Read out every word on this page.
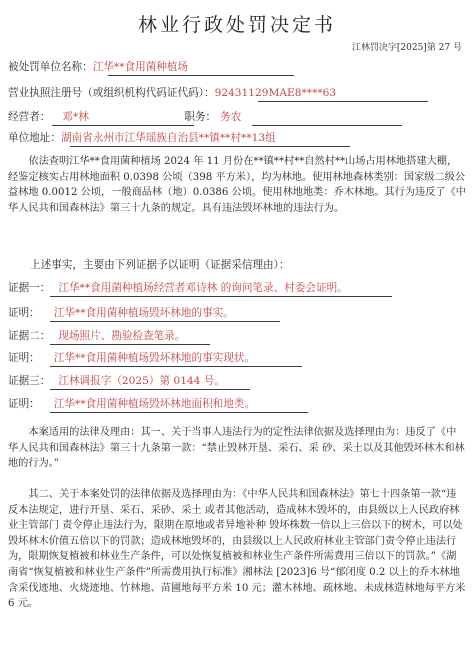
林业行政处罚决定书
江林罚决字[2025]第 27 号
被处罚单位名称：江华**食用菌种植场
营业执照注册号（或组织机构代码证代码）：92431129MAE8****63
经营者： 邓*林	职务： 务农
单位地址：湖南省永州市江华瑶族自治县**镇**村**13组
依法查明江华**食用菌种植场 2024 年 11 月份在**镇**村**自然村**山场占用林地搭建大棚，经鉴定核实占用林地面积 0.0398 公顷（398 平方米），均为林地。使用林地森林类别：国家级二级公益林地 0.0012 公顷，一般商品林（地）0.0386 公顷。使用林地地类：乔木林地。其行为违反了《中华人民共和国森林法》第三十九条的规定。具有违法毁坏林地的违法行为。
上述事实，主要由下列证据予以证明（证据采信理由）：
证据一： 江华**食用菌种植场经营者邓诗林 的询问笔录、村委会证明。
证明： 江华**食用菌种植场毁坏林地的事实。
证据二： 现场照片、勘验检查笔录。
证明： 江华**食用菌种植场毁坏林地的事实现状。
证据三： 江林调报字（2025）第 0144 号。
证明： 江华**食用菌种植场毁坏林地面积和地类。
本案适用的法律及理由：其一、关于当事人违法行为的定性法律依据及选择理由为：违反了《中华人民共和国森林法》第三十九条第一款：“禁止毁林开垦、采石、采 砂、采土以及其他毁坏林木和林地的行为。”
其二、关于本案处罚的法律依据及选择理由为：《中华人民共和国森林法》第七十四条第一款“违反本法规定，进行开垦、采石、采砂、采土 或者其他活动，造成林木毁坏的，由县级以上人民政府林业主管部门 责令停止违法行为，限期在原地或者异地补种 毁坏株数一倍以上三倍以下的树木，可以处毁坏林木价值五倍以下的罚款；造成林地毁坏的，由县级以上人民政府林业主管部门责令停止违法行为，限期恢复植被和林业生产条件，可以处恢复植被和林业生产条件所需费用三倍以下的罚款。”《湖南省“恢复植被和林业生产条件”所需费用执行标准》湘林法 [2023]6 号“郁闭度 0.2 以上的乔木林地含采伐迹地、火烧迹地、竹林地、苗圃地每平方米 10 元；灌木林地、疏林地、未成林造林地每平方米 6 元。
